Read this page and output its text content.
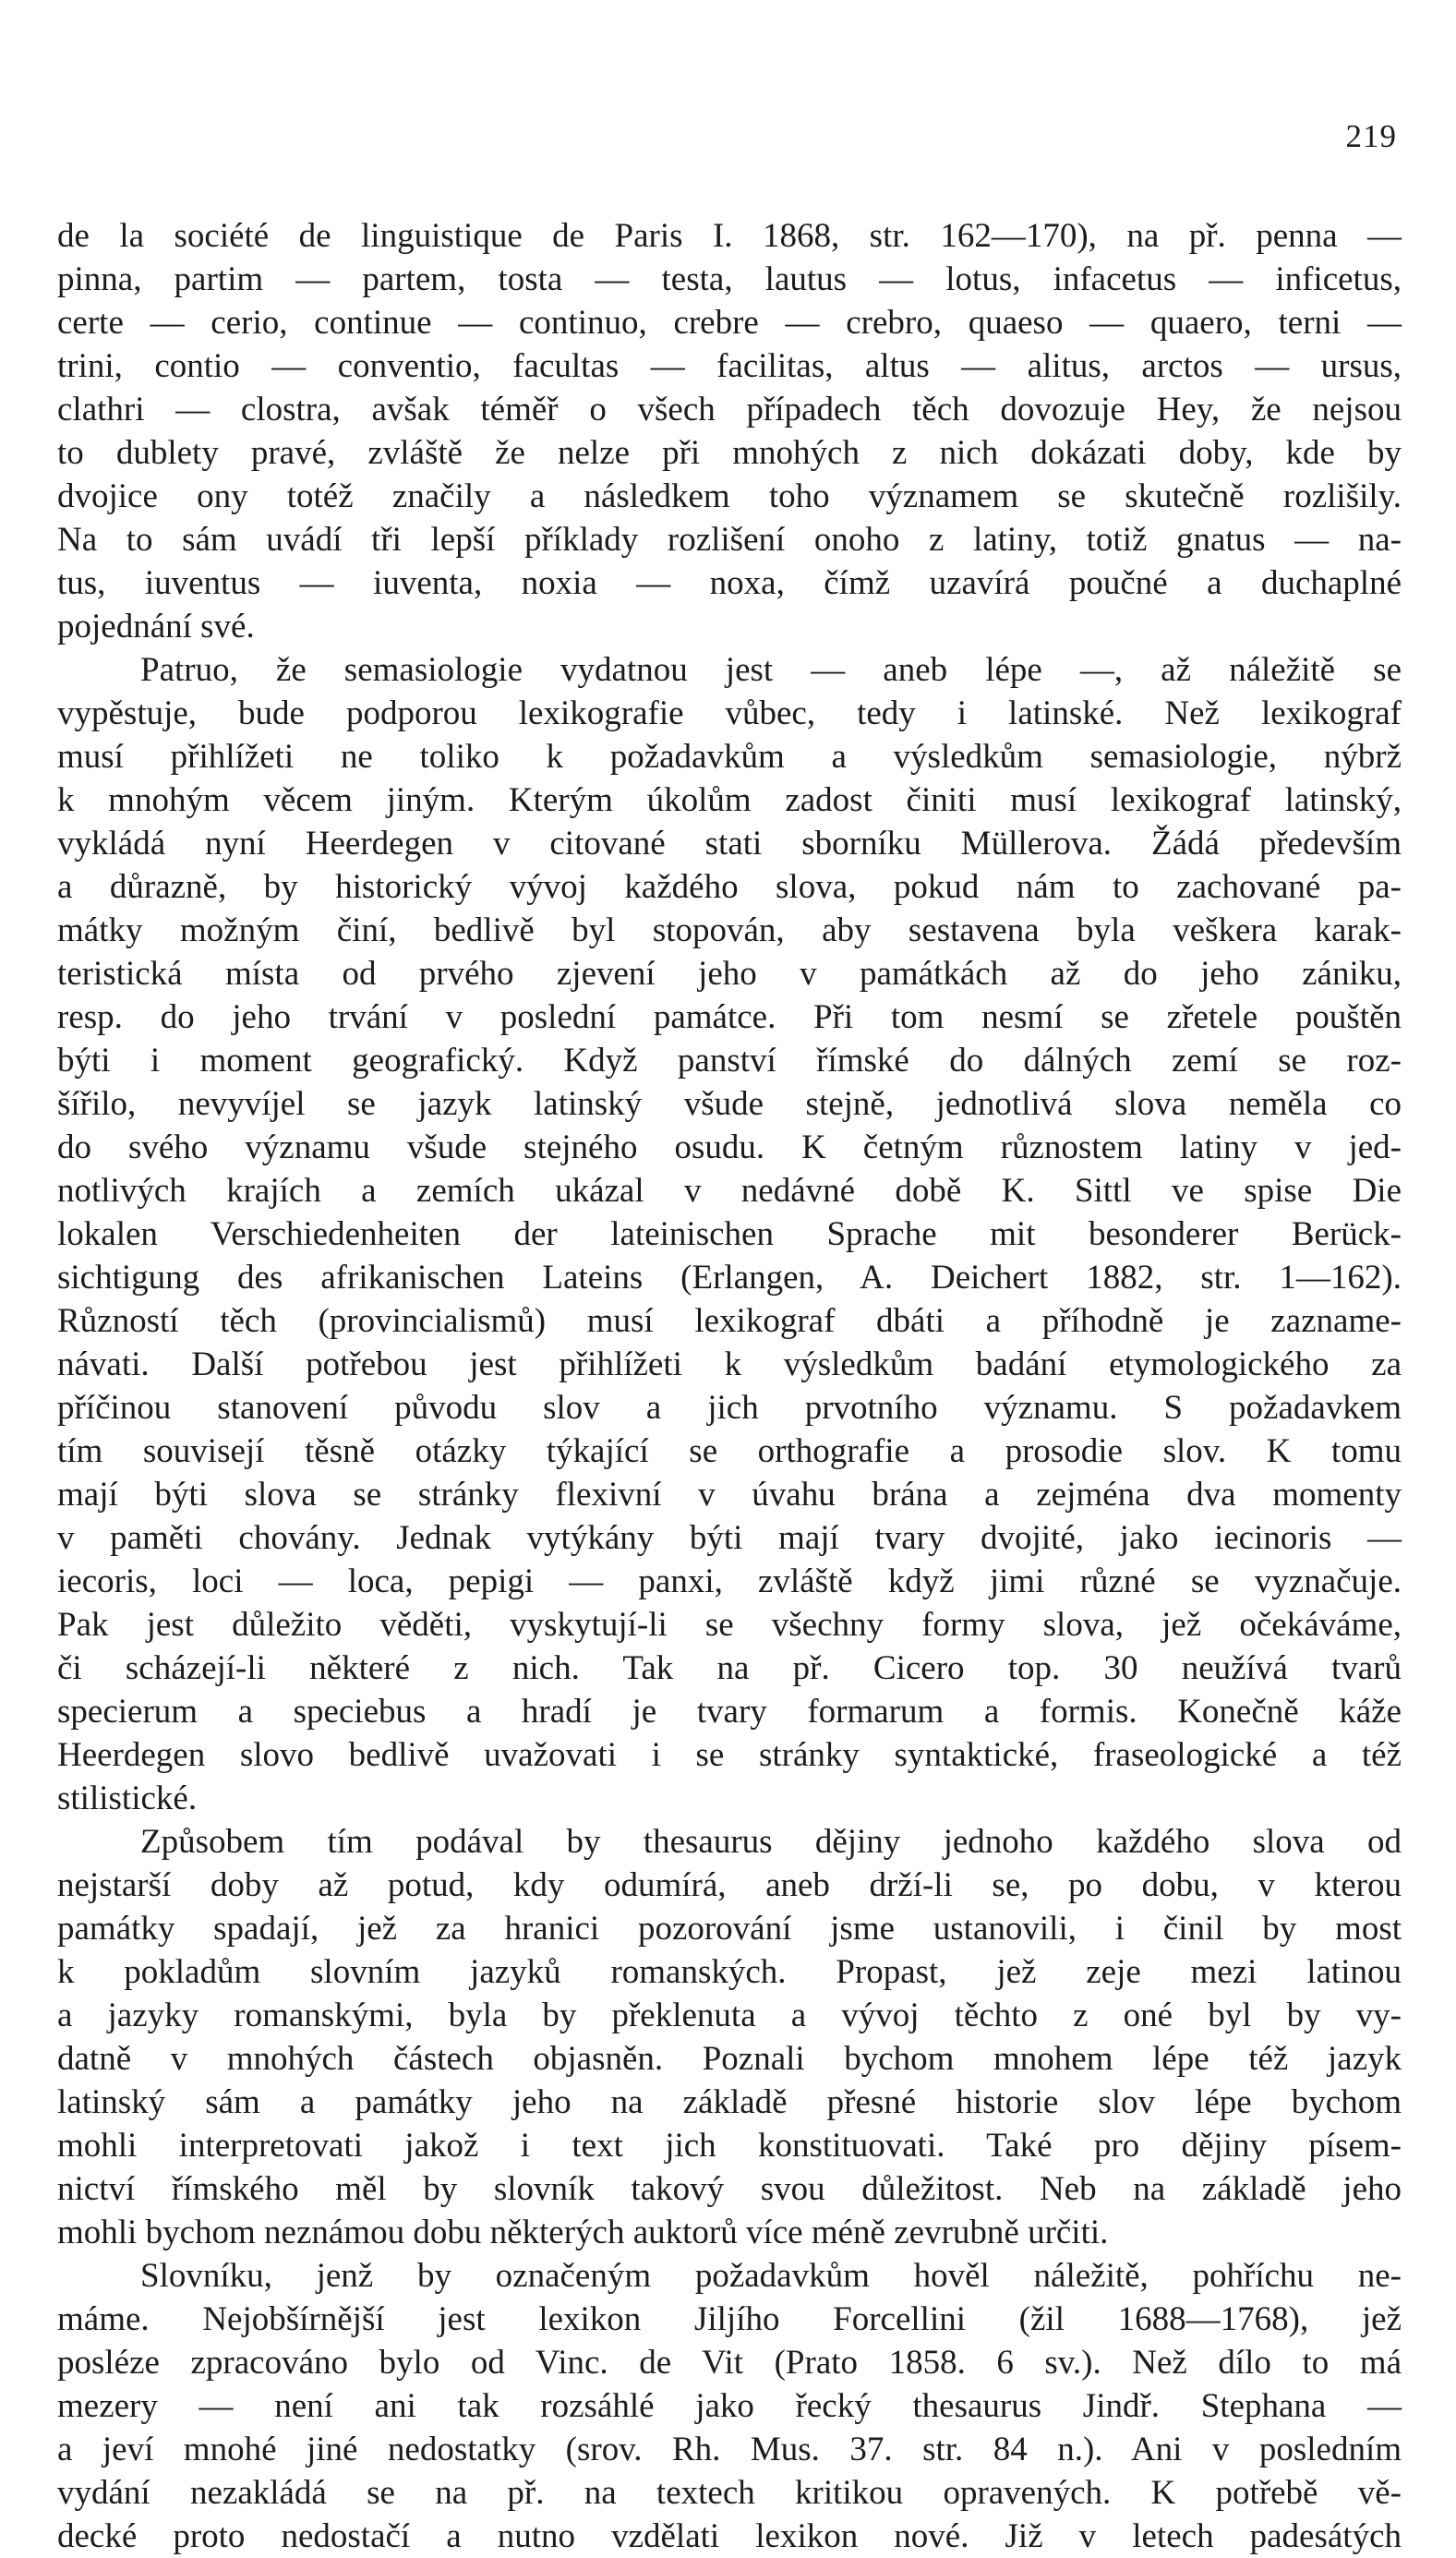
219
de la société de linguistique de Paris I. 1868, str. 162—170), na př. penna —
pinna, partim — partem, tosta — testa, lautus — lotus, infacetus — inficetus,
certe — cerio, continue — continuo, crebre — crebro, quaeso — quaero, terni —
trini, contio — conventio, facultas — facilitas, altus — alitus, arctos — ursus,
clathri — clostra, avšak téměř o všech případech těch dovozuje Hey, že nejsou
to dublety pravé, zvláště že nelze při mnohých z nich dokázati doby, kde by
dvojice ony totéž značily a následkem toho významem se skutečně rozlišily.
Na to sám uvádí tři lepší příklady rozlišení onoho z latiny, totiž gnatus — na-
tus, iuventus — iuventa, noxia — noxa, čímž uzavírá poučné a duchaplné
pojednání své.
Patruo, že semasiologie vydatnou jest — aneb lépe —, až náležitě se
vypěstuje, bude podporou lexikografie vůbec, tedy i latinské. Než lexikograf
musí přihlížeti ne toliko k požadavkům a výsledkům semasiologie, nýbrž
k mnohým věcem jiným. Kterým úkolům zadost činiti musí lexikograf latinský,
vykládá nyní Heerdegen v citované stati sborníku Müllerova. Žádá především
a důrazně, by historický vývoj každého slova, pokud nám to zachované pa-
mátky možným činí, bedlivě byl stopován, aby sestavena byla veškera karak-
teristická místa od prvého zjevení jeho v památkách až do jeho zániku,
resp. do jeho trvání v poslední památce. Při tom nesmí se zřetele pouštěn
býti i moment geografický. Když panství římské do dálných zemí se roz-
šířilo, nevyvíjel se jazyk latinský všude stejně, jednotlivá slova neměla co
do svého významu všude stejného osudu. K četným různostem latiny v jed-
notlivých krajích a zemích ukázal v nedávné době K. Sittl ve spise Die
lokalen Verschiedenheiten der lateinischen Sprache mit besonderer Berück-
sichtigung des afrikanischen Lateins (Erlangen, A. Deichert 1882, str. 1—162).
Růzností těch (provincialismů) musí lexikograf dbáti a příhodně je zazname-
návati. Další potřebou jest přihlížeti k výsledkům badání etymologického za
příčinou stanovení původu slov a jich prvotního významu. S požadavkem
tím souvisejí těsně otázky týkající se orthografie a prosodie slov. K tomu
mají býti slova se stránky flexivní v úvahu brána a zejména dva momenty
v paměti chovány. Jednak vytýkány býti mají tvary dvojité, jako iecinoris —
iecoris, loci — loca, pepigi — panxi, zvláště když jimi různé se vyznačuje.
Pak jest důležito věděti, vyskytují-li se všechny formy slova, jež očekáváme,
či scházejí-li některé z nich. Tak na př. Cicero top. 30 neužívá tvarů
specierum a speciebus a hradí je tvary formarum a formis. Konečně káže
Heerdegen slovo bedlivě uvažovati i se stránky syntaktické, fraseologické a též
stilistické.
Způsobem tím podával by thesaurus dějiny jednoho každého slova od
nejstarší doby až potud, kdy odumírá, aneb drží-li se, po dobu, v kterou
památky spadají, jež za hranici pozorování jsme ustanovili, i činil by most
k pokladům slovním jazyků romanských. Propast, jež zeje mezi latinou
a jazyky romanskými, byla by překlenuta a vývoj těchto z oné byl by vy-
datně v mnohých částech objasněn. Poznali bychom mnohem lépe též jazyk
latinský sám a památky jeho na základě přesné historie slov lépe bychom
mohli interpretovati jakož i text jich konstituovati. Také pro dějiny písem-
nictví římského měl by slovník takový svou důležitost. Neb na základě jeho
mohli bychom neznámou dobu některých auktorů více méně zevrubně určiti.
Slovníku, jenž by označeným požadavkům hověl náležitě, pohříchu ne-
máme. Nejobšírnější jest lexikon Jiljího Forcellini (žil 1688—1768), jež
posléze zpracováno bylo od Vinc. de Vit (Prato 1858. 6 sv.). Než dílo to má
mezery — není ani tak rozsáhlé jako řecký thesaurus Jindř. Stephana —
a jeví mnohé jiné nedostatky (srov. Rh. Mus. 37. str. 84 n.). Ani v posledním
vydání nezakládá se na př. na textech kritikou opravených. K potřebě vě-
decké proto nedostačí a nutno vzdělati lexikon nové. Již v letech padesátých
